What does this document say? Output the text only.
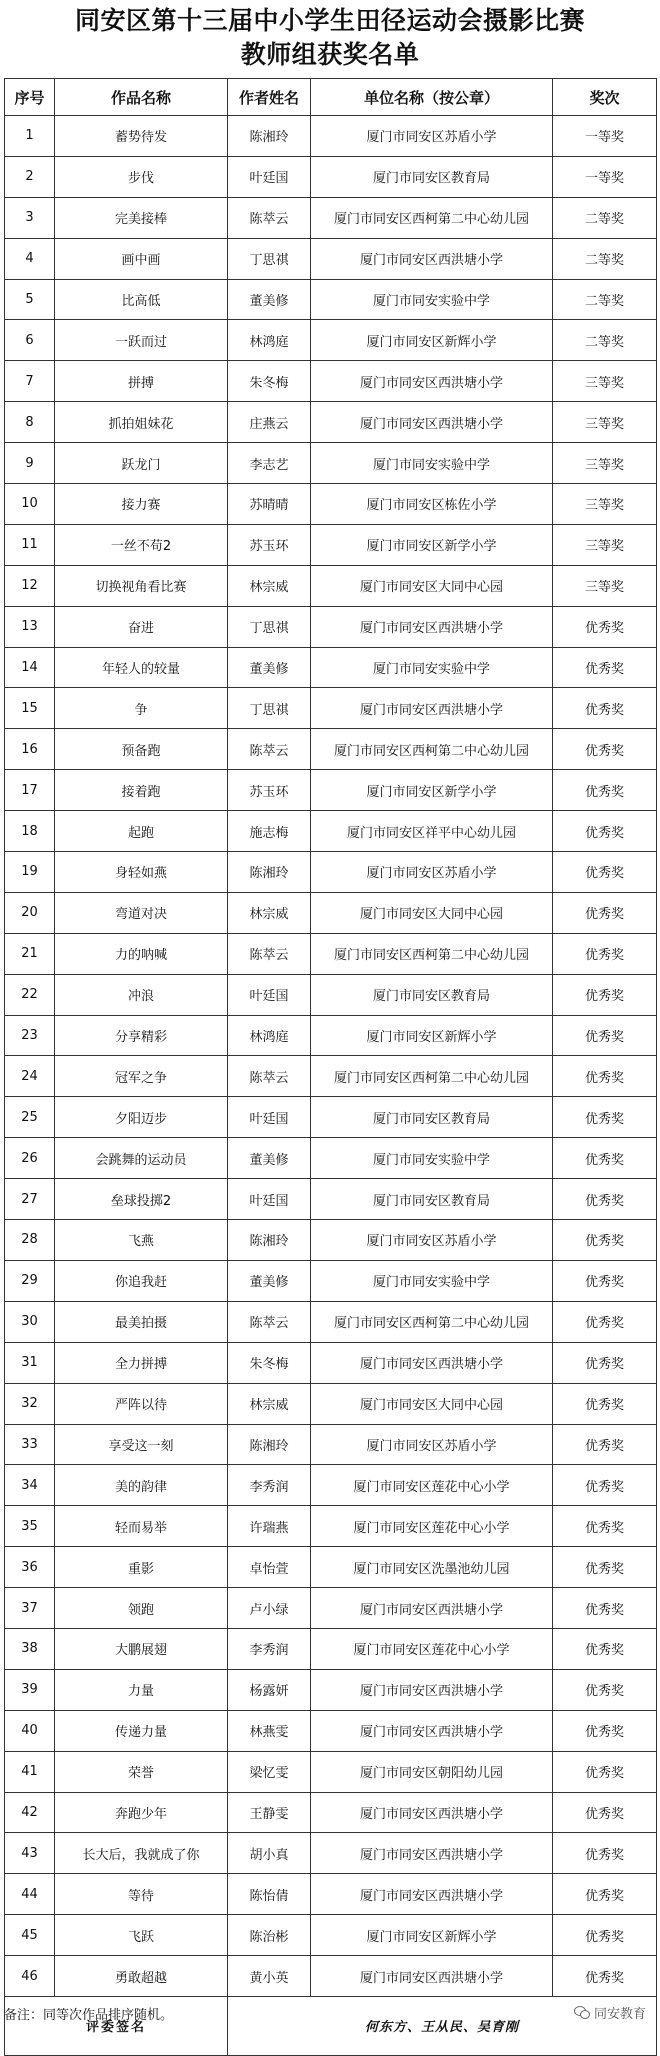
同安区第十三届中小学生田径运动会摄影比赛
教师组获奖名单
序号	作品名称	作者姓名	单位名称（按公章）	奖次
1	蓄势待发	陈湘玲	厦门市同安区苏盾小学	一等奖
2	步伐	叶廷国	厦门市同安区教育局	一等奖
3	完美接棒	陈萃云	厦门市同安区西柯第二中心幼儿园	二等奖
4	画中画	丁思祺	厦门市同安区西洪塘小学	二等奖
5	比高低	董美修	厦门市同安实验中学	二等奖
6	一跃而过	林鸿庭	厦门市同安区新辉小学	二等奖
7	拼搏	朱冬梅	厦门市同安区西洪塘小学	三等奖
8	抓拍姐妹花	庄燕云	厦门市同安区西洪塘小学	三等奖
9	跃龙门	李志艺	厦门市同安实验中学	三等奖
10	接力赛	苏晴晴	厦门市同安区栋佐小学	三等奖
11	一丝不苟2	苏玉环	厦门市同安区新学小学	三等奖
12	切换视角看比赛	林宗威	厦门市同安区大同中心园	三等奖
13	奋进	丁思祺	厦门市同安区西洪塘小学	优秀奖
14	年轻人的较量	董美修	厦门市同安实验中学	优秀奖
15	争	丁思祺	厦门市同安区西洪塘小学	优秀奖
16	预备跑	陈萃云	厦门市同安区西柯第二中心幼儿园	优秀奖
17	接着跑	苏玉环	厦门市同安区新学小学	优秀奖
18	起跑	施志梅	厦门市同安区祥平中心幼儿园	优秀奖
19	身轻如燕	陈湘玲	厦门市同安区苏盾小学	优秀奖
20	弯道对决	林宗威	厦门市同安区大同中心园	优秀奖
21	力的呐喊	陈萃云	厦门市同安区西柯第二中心幼儿园	优秀奖
22	冲浪	叶廷国	厦门市同安区教育局	优秀奖
23	分享精彩	林鸿庭	厦门市同安区新辉小学	优秀奖
24	冠军之争	陈萃云	厦门市同安区西柯第二中心幼儿园	优秀奖
25	夕阳迈步	叶廷国	厦门市同安区教育局	优秀奖
26	会跳舞的运动员	董美修	厦门市同安实验中学	优秀奖
27	垒球投掷2	叶廷国	厦门市同安区教育局	优秀奖
28	飞燕	陈湘玲	厦门市同安区苏盾小学	优秀奖
29	你追我赶	董美修	厦门市同安实验中学	优秀奖
30	最美拍摄	陈萃云	厦门市同安区西柯第二中心幼儿园	优秀奖
31	全力拼搏	朱冬梅	厦门市同安区西洪塘小学	优秀奖
32	严阵以待	林宗威	厦门市同安区大同中心园	优秀奖
33	享受这一刻	陈湘玲	厦门市同安区苏盾小学	优秀奖
34	美的韵律	李秀润	厦门市同安区莲花中心小学	优秀奖
35	轻而易举	许瑞燕	厦门市同安区莲花中心小学	优秀奖
36	重影	卓怡萱	厦门市同安区洗墨池幼儿园	优秀奖
37	领跑	卢小绿	厦门市同安区西洪塘小学	优秀奖
38	大鹏展翅	李秀润	厦门市同安区莲花中心小学	优秀奖
39	力量	杨露妍	厦门市同安区西洪塘小学	优秀奖
40	传递力量	林燕雯	厦门市同安区西洪塘小学	优秀奖
41	荣誉	梁忆雯	厦门市同安区朝阳幼儿园	优秀奖
42	奔跑少年	王静雯	厦门市同安区西洪塘小学	优秀奖
43	长大后，我就成了你	胡小真	厦门市同安区西洪塘小学	优秀奖
44	等待	陈怡倩	厦门市同安区西洪塘小学	优秀奖
45	飞跃	陈治彬	厦门市同安区新辉小学	优秀奖
46	勇敢超越	黄小英	厦门市同安区西洪塘小学	优秀奖
评委签名		何东方、王从民、吴育刚		
备注：同等次作品排序随机。	同安教育
